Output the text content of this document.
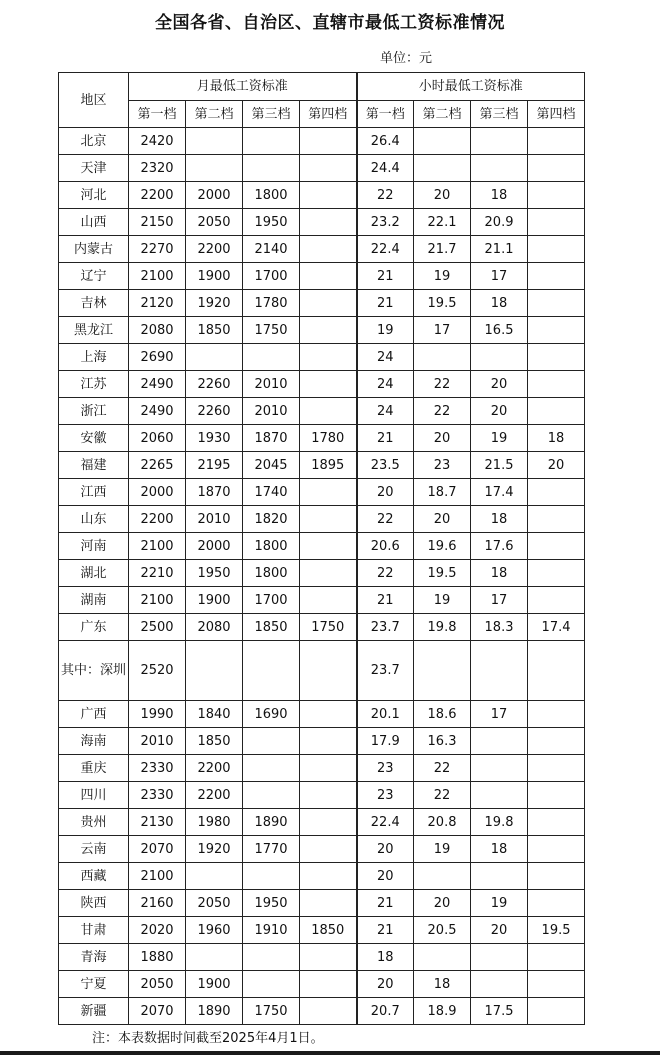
全国各省、自治区、直辖市最低工资标准情况
单位：元
地区	月最低工资标准				小时最低工资标准			
	第一档	第二档	第三档	第四档	第一档	第二档	第三档	第四档
北京	2420				26.4			
天津	2320				24.4			
河北	2200	2000	1800		22	20	18	
山西	2150	2050	1950		23.2	22.1	20.9	
内蒙古	2270	2200	2140		22.4	21.7	21.1	
辽宁	2100	1900	1700		21	19	17	
吉林	2120	1920	1780		21	19.5	18	
黑龙江	2080	1850	1750		19	17	16.5	
上海	2690				24			
江苏	2490	2260	2010		24	22	20	
浙江	2490	2260	2010		24	22	20	
安徽	2060	1930	1870	1780	21	20	19	18
福建	2265	2195	2045	1895	23.5	23	21.5	20
江西	2000	1870	1740		20	18.7	17.4	
山东	2200	2010	1820		22	20	18	
河南	2100	2000	1800		20.6	19.6	17.6	
湖北	2210	1950	1800		22	19.5	18	
湖南	2100	1900	1700		21	19	17	
广东	2500	2080	1850	1750	23.7	19.8	18.3	17.4
其中：深圳	2520				23.7			
广西	1990	1840	1690		20.1	18.6	17	
海南	2010	1850			17.9	16.3		
重庆	2330	2200			23	22		
四川	2330	2200			23	22		
贵州	2130	1980	1890		22.4	20.8	19.8	
云南	2070	1920	1770		20	19	18	
西藏	2100				20			
陕西	2160	2050	1950		21	20	19	
甘肃	2020	1960	1910	1850	21	20.5	20	19.5
青海	1880				18			
宁夏	2050	1900			20	18		
新疆	2070	1890	1750		20.7	18.9	17.5	
注：本表数据时间截至2025年4月1日。
